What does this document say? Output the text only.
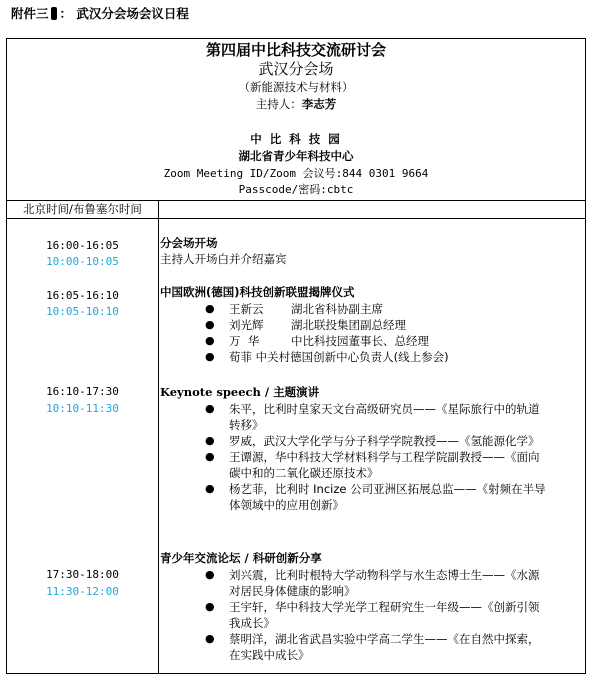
附件三 ： 武汉分会场会议日程
第四届中比科技交流研讨会
武汉分会场
（新能源技术与材料）
主持人：李志芳
中 比 科 技 园
湖北省青少年科技中心
Zoom Meeting ID/Zoom 会议号:844 0301 9664
Passcode/密码:cbtc
北京时间/布鲁塞尔时间
16:00-16:05
10:00-10:05
分会场开场
主持人开场白并介绍嘉宾
16:05-16:10
10:05-10:10
中国欧洲(德国)科技创新联盟揭牌仪式
● 王新云 湖北省科协副主席
● 刘光辉 湖北联投集团副总经理
● 万  华	中比科技园董事长、总经理
● 荀菲 中关村德国创新中心负责人(线上参会)
16:10-17:30
10:10-11:30
Keynote speech / 主题演讲
● 朱平，比利时皇家天文台高级研究员——《星际旅行中的轨道
转移》
● 罗威，武汉大学化学与分子科学学院教授——《氢能源化学》
● 王谭源，华中科技大学材料科学与工程学院副教授——《面向
碳中和的二氧化碳还原技术》
● 杨艺菲，比利时 Incize 公司亚洲区拓展总监——《射频在半导
体领域中的应用创新》
17:30-18:00
11:30-12:00
青少年交流论坛 / 科研创新分享
● 刘兴震，比利时根特大学动物科学与水生态博士生——《水源
对居民身体健康的影响》
● 王宇轩，华中科技大学光学工程研究生一年级——《创新引领
我成长》
● 蔡明洋，湖北省武昌实验中学高二学生——《在自然中探索，
在实践中成长》
